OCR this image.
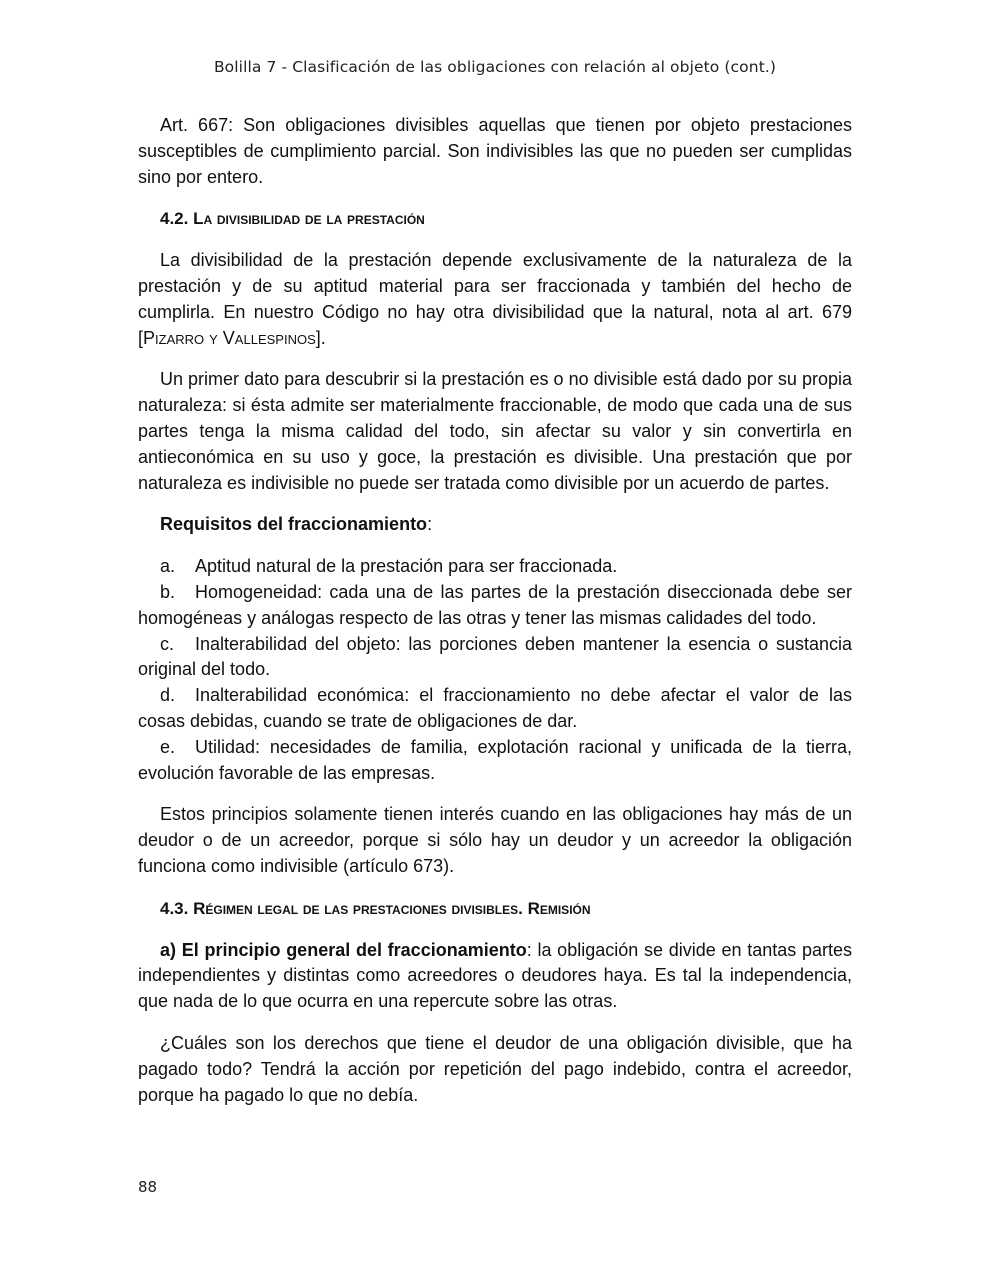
Bolilla 7 - Clasificación de las obligaciones con relación al objeto (cont.)

Art. 667: Son obligaciones divisibles aquellas que tienen por objeto prestaciones susceptibles de cumplimiento parcial. Son indivisibles las que no pueden ser cumplidas sino por entero.

4.2. La divisibilidad de la prestación

La divisibilidad de la prestación depende exclusivamente de la naturaleza de la prestación y de su aptitud material para ser fraccionada y también del hecho de cumplirla. En nuestro Código no hay otra divisibilidad que la natural, nota al art. 679 [Pizarro y Vallespinos].

Un primer dato para descubrir si la prestación es o no divisible está dado por su propia naturaleza: si ésta admite ser materialmente fraccionable, de modo que cada una de sus partes tenga la misma calidad del todo, sin afectar su valor y sin convertirla en antieconómica en su uso y goce, la prestación es divisible. Una prestación que por naturaleza es indivisible no puede ser tratada como divisible por un acuerdo de partes.

Requisitos del fraccionamiento:

a. Aptitud natural de la prestación para ser fraccionada.

b. Homogeneidad: cada una de las partes de la prestación diseccionada debe ser homogéneas y análogas respecto de las otras y tener las mismas calidades del todo.

c. Inalterabilidad del objeto: las porciones deben mantener la esencia o sustancia original del todo.

d. Inalterabilidad económica: el fraccionamiento no debe afectar el valor de las cosas debidas, cuando se trate de obligaciones de dar.

e. Utilidad: necesidades de familia, explotación racional y unificada de la tierra, evolución favorable de las empresas.

Estos principios solamente tienen interés cuando en las obligaciones hay más de un deudor o de un acreedor, porque si sólo hay un deudor y un acreedor la obligación funciona como indivisible (artículo 673).

4.3. Régimen legal de las prestaciones divisibles. Remisión

a) El principio general del fraccionamiento: la obligación se divide en tantas partes independientes y distintas como acreedores o deudores haya. Es tal la independencia, que nada de lo que ocurra en una repercute sobre las otras.

¿Cuáles son los derechos que tiene el deudor de una obligación divisible, que ha pagado todo? Tendrá la acción por repetición del pago indebido, contra el acreedor, porque ha pagado lo que no debía.

88
